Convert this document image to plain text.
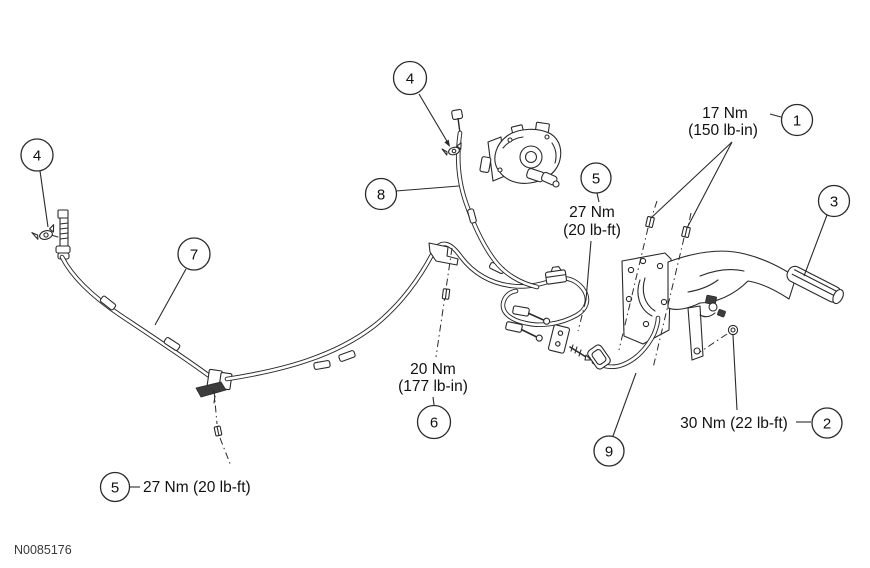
17 Nm
(150 lb-in)
27 Nm
(20 lb-ft)
20 Nm
(177 lb-in)
30 Nm (22 lb-ft)
27 Nm (20 lb-ft)
4
7
4
8
5
1
3
6
5
9
2
N0085176
